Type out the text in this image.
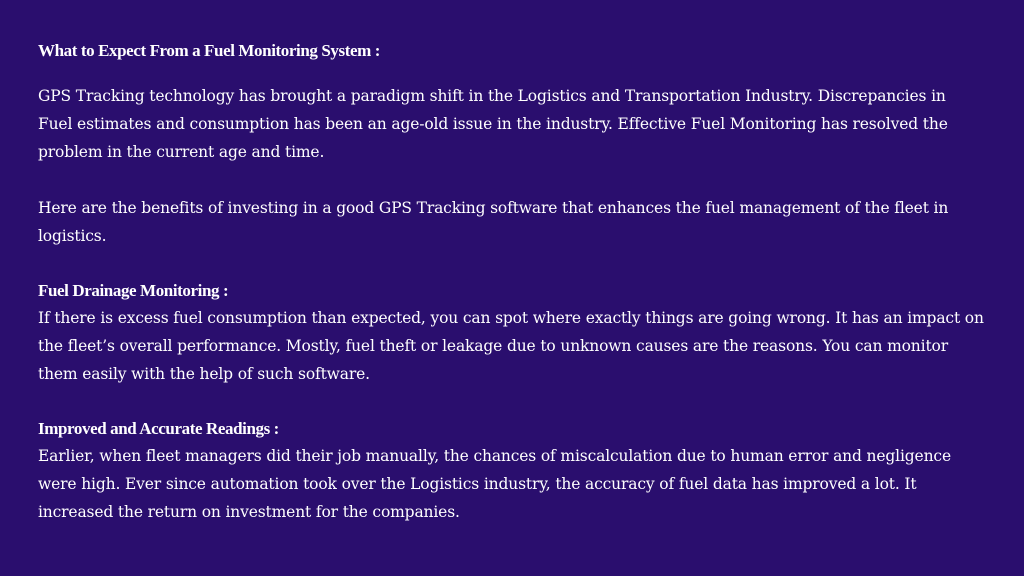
What to Expect From a Fuel Monitoring System :

GPS Tracking technology has brought a paradigm shift in the Logistics and Transportation Industry. Discrepancies in Fuel estimates and consumption has been an age-old issue in the industry. Effective Fuel Monitoring has resolved the problem in the current age and time.

Here are the benefits of investing in a good GPS Tracking software that enhances the fuel management of the fleet in logistics.

Fuel Drainage Monitoring :

If there is excess fuel consumption than expected, you can spot where exactly things are going wrong. It has an impact on the fleet’s overall performance. Mostly, fuel theft or leakage due to unknown causes are the reasons. You can monitor them easily with the help of such software.

Improved and Accurate Readings :

Earlier, when fleet managers did their job manually, the chances of miscalculation due to human error and negligence were high. Ever since automation took over the Logistics industry, the accuracy of fuel data has improved a lot. It increased the return on investment for the companies.
